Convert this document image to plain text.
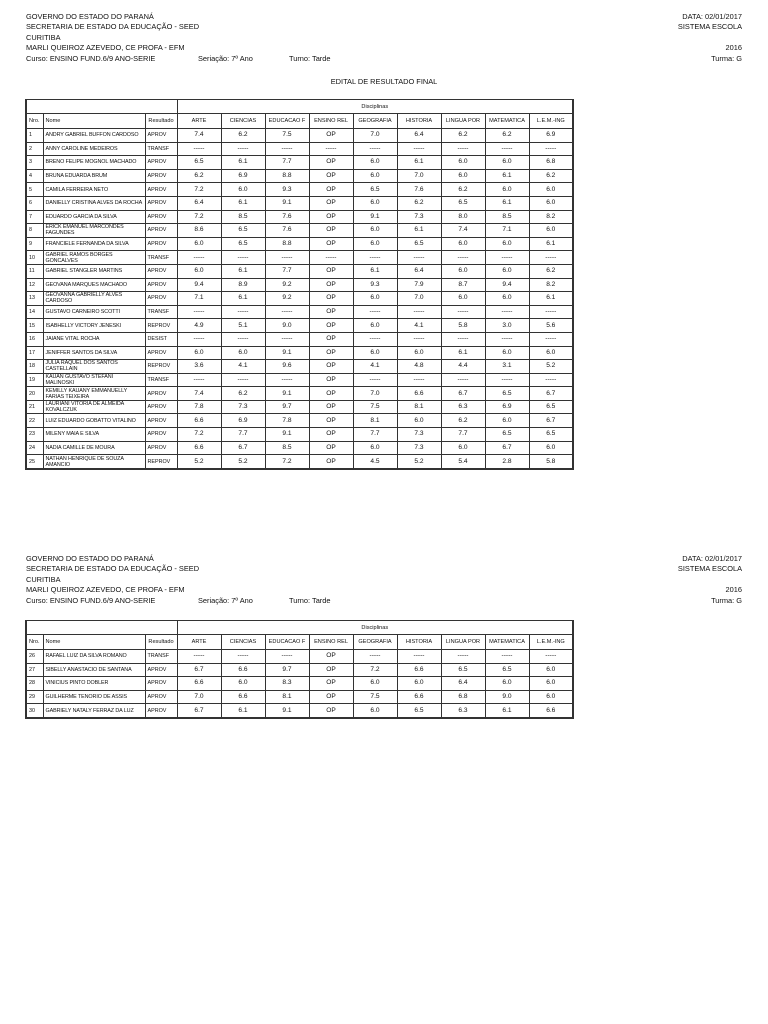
GOVERNO DO ESTADO DO PARANÁ
SECRETARIA DE ESTADO DA EDUCAÇÃO - SEED
CURITIBA
MARLI QUEIROZ AZEVEDO, CE PROFA - EFM
Curso: ENSINO FUND.6/9 ANO-SERIE	Seriação: 7º Ano	Turno: Tarde
DATA: 02/01/2017
SISTEMA ESCOLA

2016
Turma: G
EDITAL DE RESULTADO FINAL
			Disciplinas								
Nro.	Nome	Resultado	ARTE	CIENCIAS	EDUCACAO F	ENSINO REL	GEOGRAFIA	HISTORIA	LINGUA POR	MATEMATICA	L.E.M.-ING
1	ANDRY GABRIEL BUFFON CARDOSO	APROV	7.4	6.2	7.5	OP	7.0	6.4	6.2	6.2	6.9
2	ANNY CAROLINE MEDEIROS	TRANSF	-----	-----	-----	-----	-----	-----	-----	-----	-----
3	BRENO FELIPE MOGNOL MACHADO	APROV	6.5	6.1	7.7	OP	6.0	6.1	6.0	6.0	6.8
4	BRUNA EDUARDA BRUM	APROV	6.2	6.9	8.8	OP	6.0	7.0	6.0	6.1	6.2
5	CAMILA FERREIRA NETO	APROV	7.2	6.0	9.3	OP	6.5	7.6	6.2	6.0	6.0
6	DANIELLY CRISTINA ALVES DA ROCHA	APROV	6.4	6.1	9.1	OP	6.0	6.2	6.5	6.1	6.0
7	EDUARDO GARCIA DA SILVA	APROV	7.2	8.5	7.6	OP	9.1	7.3	8.0	8.5	8.2
8	ERICK EMANUEL MARCONDES FAGUNDES	APROV	8.6	6.5	7.6	OP	6.0	6.1	7.4	7.1	6.0
9	FRANCIELE FERNANDA DA SILVA	APROV	6.0	6.5	8.8	OP	6.0	6.5	6.0	6.0	6.1
10	GABRIEL RAMOS BORGES GONCALVES	TRANSF	-----	-----	-----	-----	-----	-----	-----	-----	-----
11	GABRIEL STANGLER MARTINS	APROV	6.0	6.1	7.7	OP	6.1	6.4	6.0	6.0	6.2
12	GEOVANA MARQUES MACHADO	APROV	9.4	8.9	9.2	OP	9.3	7.9	8.7	9.4	8.2
13	GEOVANNA GABRIELLY ALVES CARDOSO	APROV	7.1	6.1	9.2	OP	6.0	7.0	6.0	6.0	6.1
14	GUSTAVO CARNEIRO SCOTTI	TRANSF	-----	-----	-----	OP	-----	-----	-----	-----	-----
15	ISABHELLY VICTORY JENESKI	REPROV	4.9	5.1	9.0	OP	6.0	4.1	5.8	3.0	5.6
16	JAIANE VITAL ROCHA	DESIST	-----	-----	-----	OP	-----	-----	-----	-----	-----
17	JENIFFER SANTOS DA SILVA	APROV	6.0	6.0	9.1	OP	6.0	6.0	6.1	6.0	6.0
18	JULIA RAQUEL DOS SANTOS CASTELLAIN	REPROV	3.6	4.1	9.6	OP	4.1	4.8	4.4	3.1	5.2
19	KAUAN GUSTAVO STEFANI MALINOSKI	TRANSF	-----	-----	-----	OP	-----	-----	-----	-----	-----
20	KEMILLY KAUANY EMMANUELLY FARIAS TEIXEIRA	APROV	7.4	6.2	9.1	OP	7.0	6.6	6.7	6.5	6.7
21	LAURIANI VITORIA DE ALMEIDA KOVALCZUK	APROV	7.8	7.3	9.7	OP	7.5	8.1	6.3	6.9	6.5
22	LUIZ EDUARDO GOBATTO VITALINO	APROV	6.6	6.9	7.8	OP	8.1	6.0	6.2	6.0	6.7
23	MILENY MAIA E SILVA	APROV	7.2	7.7	9.1	OP	7.7	7.3	7.7	6.5	6.5
24	NADIA CAMILLE DE MOURA	APROV	6.6	6.7	8.5	OP	6.0	7.3	6.0	6.7	6.0
25	NATHAN HENRIQUE DE SOUZA AMANCIO	REPROV	5.2	5.2	7.2	OP	4.5	5.2	5.4	2.8	5.8
GOVERNO DO ESTADO DO PARANÁ
SECRETARIA DE ESTADO DA EDUCAÇÃO - SEED
CURITIBA
MARLI QUEIROZ AZEVEDO, CE PROFA - EFM
Curso: ENSINO FUND.6/9 ANO-SERIE	Seriação: 7º Ano	Turno: Tarde
DATA: 02/01/2017
SISTEMA ESCOLA

2016
Turma: G
			Disciplinas								
Nro.	Nome	Resultado	ARTE	CIENCIAS	EDUCACAO F	ENSINO REL	GEOGRAFIA	HISTORIA	LINGUA POR	MATEMATICA	L.E.M.-ING
26	RAFAEL LUIZ DA SILVA ROMANO	TRANSF	-----	-----	-----	OP	-----	-----	-----	-----	-----
27	SIBELLY ANASTACIO DE SANTANA	APROV	6.7	6.6	9.7	OP	7.2	6.6	6.5	6.5	6.0
28	VINICIUS PINTO DOBLER	APROV	6.6	6.0	8.3	OP	6.0	6.0	6.4	6.0	6.0
29	GUILHERME TENORIO DE ASSIS	APROV	7.0	6.6	8.1	OP	7.5	6.6	6.8	9.0	6.0
30	GABRIELY NATALY FERRAZ DA LUZ	APROV	6.7	6.1	9.1	OP	6.0	6.5	6.3	6.1	6.6
